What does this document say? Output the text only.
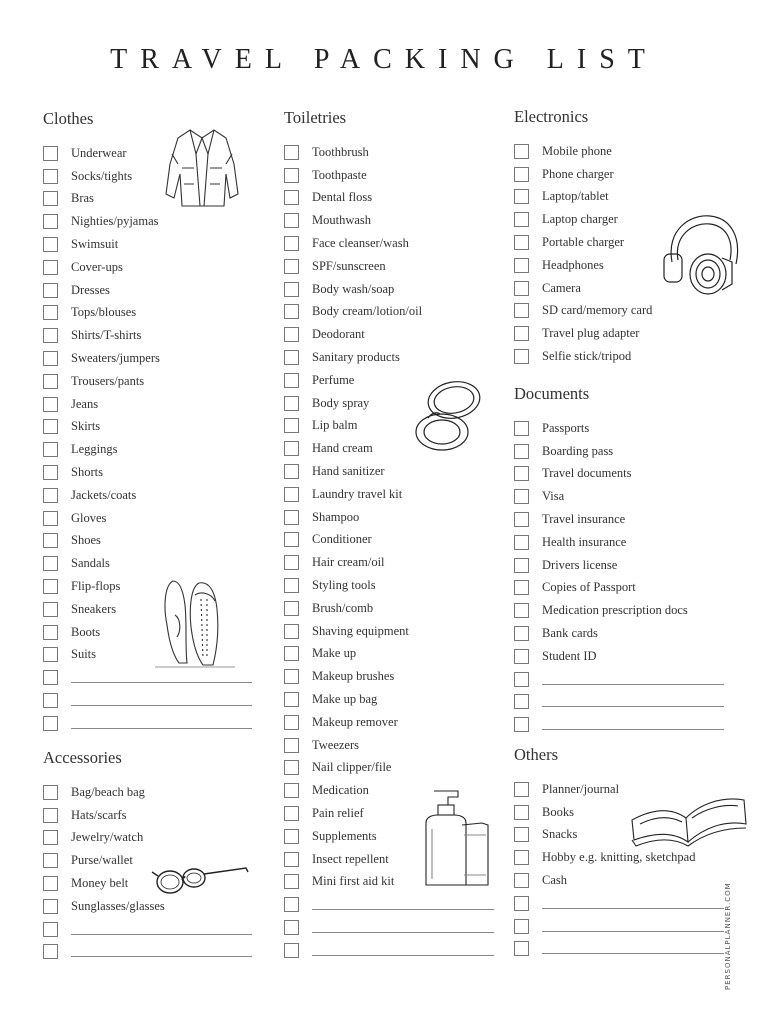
TRAVEL PACKING LIST
Clothes
Underwear
Socks/tights
Bras
Nighties/pyjamas
Swimsuit
Cover-ups
Dresses
Tops/blouses
Shirts/T-shirts
Sweaters/jumpers
Trousers/pants
Jeans
Skirts
Leggings
Shorts
Jackets/coats
Gloves
Shoes
Sandals
Flip-flops
Sneakers
Boots
Suits
Accessories
Bag/beach bag
Hats/scarfs
Jewelry/watch
Purse/wallet
Money belt
Sunglasses/glasses
Toiletries
Toothbrush
Toothpaste
Dental floss
Mouthwash
Face cleanser/wash
SPF/sunscreen
Body wash/soap
Body cream/lotion/oil
Deodorant
Sanitary products
Perfume
Body spray
Lip balm
Hand cream
Hand sanitizer
Laundry travel kit
Shampoo
Conditioner
Hair cream/oil
Styling tools
Brush/comb
Shaving equipment
Make up
Makeup brushes
Make up bag
Makeup remover
Tweezers
Nail clipper/file
Medication
Pain relief
Supplements
Insect repellent
Mini first aid kit
Electronics
Mobile phone
Phone charger
Laptop/tablet
Laptop charger
Portable charger
Headphones
Camera
SD card/memory card
Travel plug adapter
Selfie stick/tripod
Documents
Passports
Boarding pass
Travel documents
Visa
Travel insurance
Health insurance
Drivers license
Copies of Passport
Medication prescription docs
Bank cards
Student ID
Others
Planner/journal
Books
Snacks
Hobby e.g. knitting, sketchpad
Cash
PERSONALPLANNER.COM
